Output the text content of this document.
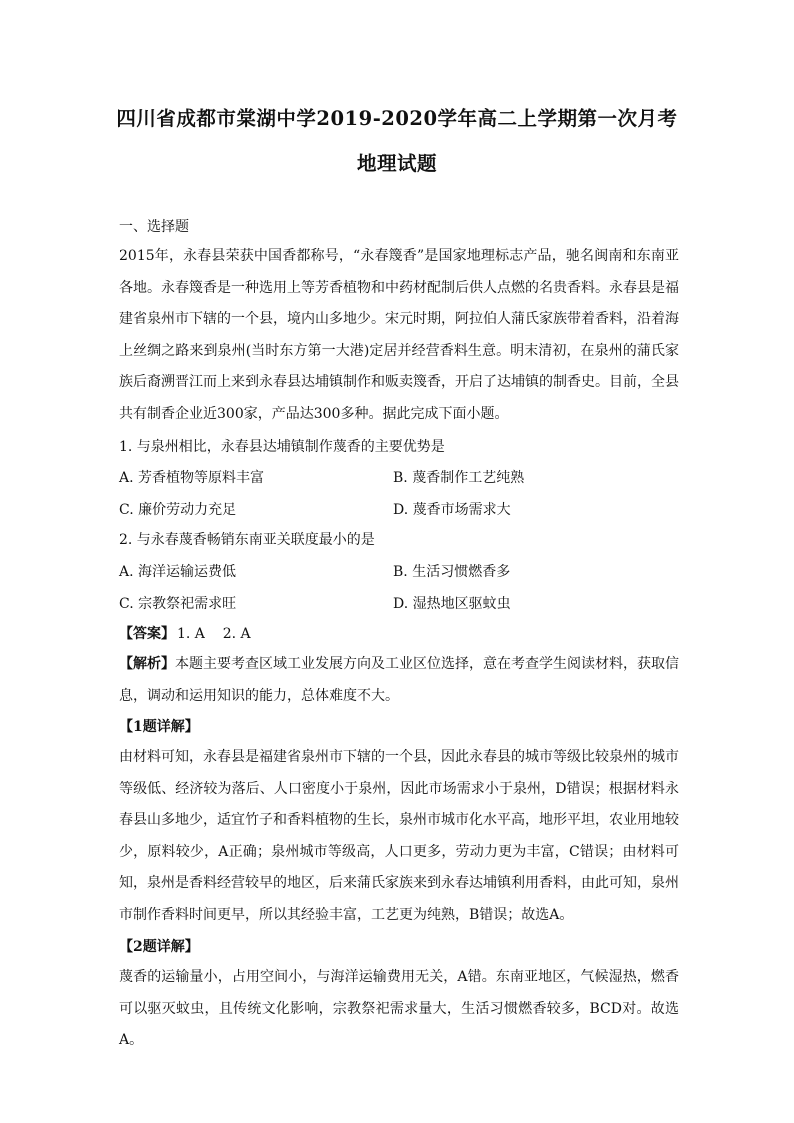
四川省成都市棠湖中学2019-2020学年高二上学期第一次月考
地理试题
一、选择题
2015年，永春县荣获中国香都称号，“永春篾香”是国家地理标志产品，驰名闽南和东南亚各地。永春篾香是一种选用上等芳香植物和中药材配制后供人点燃的名贵香料。永春县是福建省泉州市下辖的一个县，境内山多地少。宋元时期，阿拉伯人蒲氏家族带着香料，沿着海上丝绸之路来到泉州(当时东方第一大港)定居并经营香料生意。明末清初，在泉州的蒲氏家族后裔溯晋江而上来到永春县达埔镇制作和贩卖篾香，开启了达埔镇的制香史。目前，全县共有制香企业近300家，产品达300多种。据此完成下面小题。
1. 与泉州相比，永春县达埔镇制作蔑香的主要优势是
A. 芳香植物等原料丰富	B. 蔑香制作工艺纯熟
C. 廉价劳动力充足	D. 蔑香市场需求大
2. 与永春蔑香畅销东南亚关联度最小的是
A. 海洋运输运费低	B. 生活习惯燃香多
C. 宗教祭祀需求旺	D. 湿热地区驱蚊虫
【答案】 1. A    2. A
【解析】本题主要考查区域工业发展方向及工业区位选择，意在考查学生阅读材料，获取信息，调动和运用知识的能力，总体难度不大。
【1题详解】
由材料可知，永春县是福建省泉州市下辖的一个县，因此永春县的城市等级比较泉州的城市等级低、经济较为落后、人口密度小于泉州，因此市场需求小于泉州，D错误；根据材料永春县山多地少，适宜竹子和香料植物的生长，泉州市城市化水平高，地形平坦，农业用地较少，原料较少，A正确；泉州城市等级高，人口更多，劳动力更为丰富，C错误；由材料可知，泉州是香料经营较早的地区，后来蒲氏家族来到永春达埔镇利用香料，由此可知，泉州市制作香料时间更早，所以其经验丰富，工艺更为纯熟，B错误；故选A。
【2题详解】
蔑香的运输量小，占用空间小，与海洋运输费用无关，A错。东南亚地区，气候湿热，燃香可以驱灭蚊虫，且传统文化影响，宗教祭祀需求量大，生活习惯燃香较多，BCD对。故选A。
